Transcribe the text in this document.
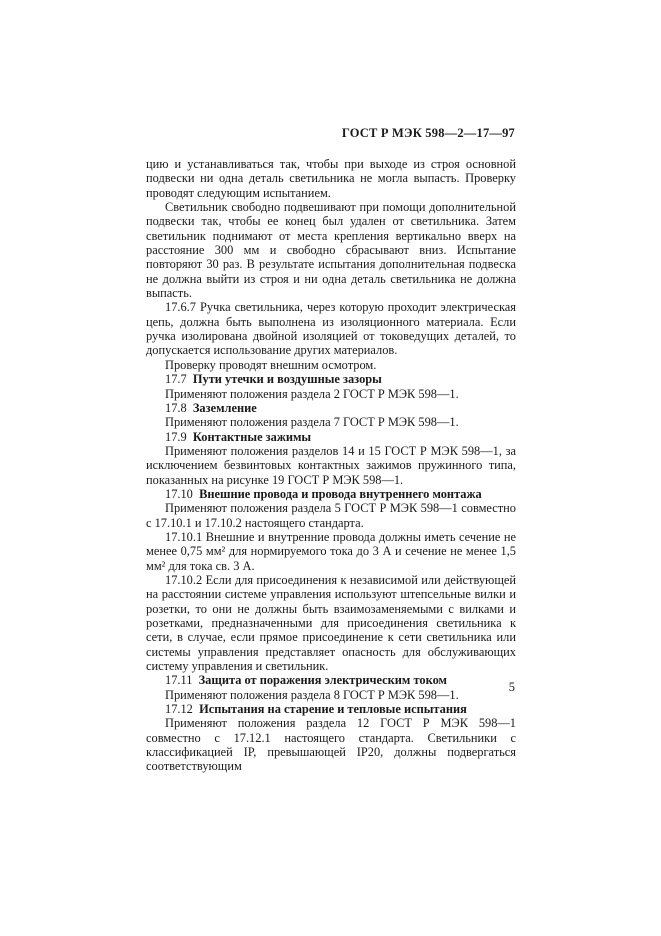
ГОСТ Р МЭК 598—2—17—97

цию и устанавливаться так, чтобы при выходе из строя основной подвески ни одна деталь светильника не могла выпасть. Проверку проводят следующим испытанием.

Светильник свободно подвешивают при помощи дополнительной подвески так, чтобы ее конец был удален от светильника. Затем светильник поднимают от места крепления вертикально вверх на расстояние 300 мм и свободно сбрасывают вниз. Испытание повторяют 30 раз. В результате испытания дополнительная подвеска не должна выйти из строя и ни одна деталь светильника не должна выпасть.

17.6.7 Ручка светильника, через которую проходит электрическая цепь, должна быть выполнена из изоляционного материала. Если ручка изолирована двойной изоляцией от токоведущих деталей, то допускается использование других материалов.

Проверку проводят внешним осмотром.

17.7 Пути утечки и воздушные зазоры

Применяют положения раздела 2 ГОСТ Р МЭК 598—1.

17.8 Заземление

Применяют положения раздела 7 ГОСТ Р МЭК 598—1.

17.9 Контактные зажимы

Применяют положения разделов 14 и 15 ГОСТ Р МЭК 598—1, за исключением безвинтовых контактных зажимов пружинного типа, показанных на рисунке 19 ГОСТ Р МЭК 598—1.

17.10 Внешние провода и провода внутреннего монтажа

Применяют положения раздела 5 ГОСТ Р МЭК 598—1 совместно с 17.10.1 и 17.10.2 настоящего стандарта.

17.10.1 Внешние и внутренние провода должны иметь сечение не менее 0,75 мм² для нормируемого тока до 3 А и сечение не менее 1,5 мм² для тока св. 3 А.

17.10.2 Если для присоединения к независимой или действующей на расстоянии системе управления используют штепсельные вилки и розетки, то они не должны быть взаимозаменяемыми с вилками и розетками, предназначенными для присоединения светильника к сети, в случае, если прямое присоединение к сети светильника или системы управления представляет опасность для обслуживающих систему управления и светильник.

17.11 Защита от поражения электрическим током

Применяют положения раздела 8 ГОСТ Р МЭК 598—1.

17.12 Испытания на старение и тепловые испытания

Применяют положения раздела 12 ГОСТ Р МЭК 598—1 совместно с 17.12.1 настоящего стандарта. Светильники с классификацией IP, превышающей IP20, должны подвергаться соответствующим

5
